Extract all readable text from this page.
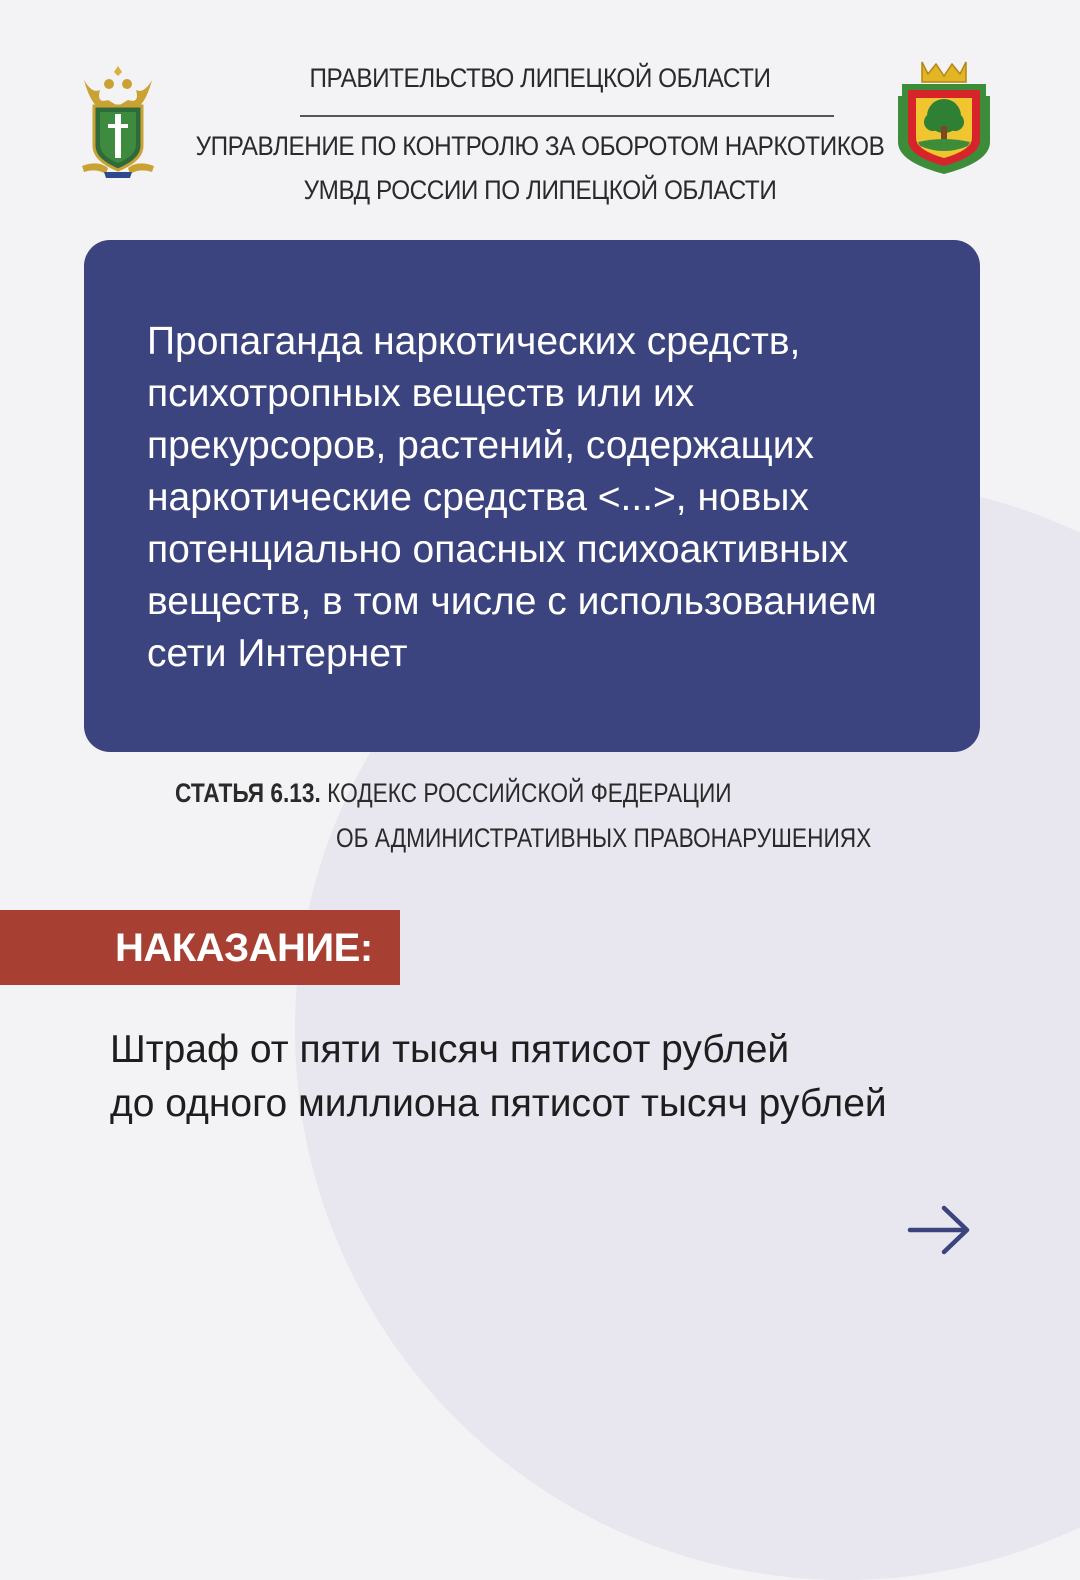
ПРАВИТЕЛЬСТВО ЛИПЕЦКОЙ ОБЛАСТИ
УПРАВЛЕНИЕ ПО КОНТРОЛЮ ЗА ОБОРОТОМ НАРКОТИКОВ
УМВД РОССИИ ПО ЛИПЕЦКОЙ ОБЛАСТИ
Пропаганда наркотических средств,
психотропных веществ или их
прекурсоров, растений, содержащих
наркотические средства <...>, новых
потенциально опасных психоактивных
веществ, в том числе с использованием
сети Интернет
СТАТЬЯ 6.13. КОДЕКС РОССИЙСКОЙ ФЕДЕРАЦИИ
ОБ АДМИНИСТРАТИВНЫХ ПРАВОНАРУШЕНИЯХ
НАКАЗАНИЕ:
Штраф от пяти тысяч пятисот рублей
до одного миллиона пятисот тысяч рублей
